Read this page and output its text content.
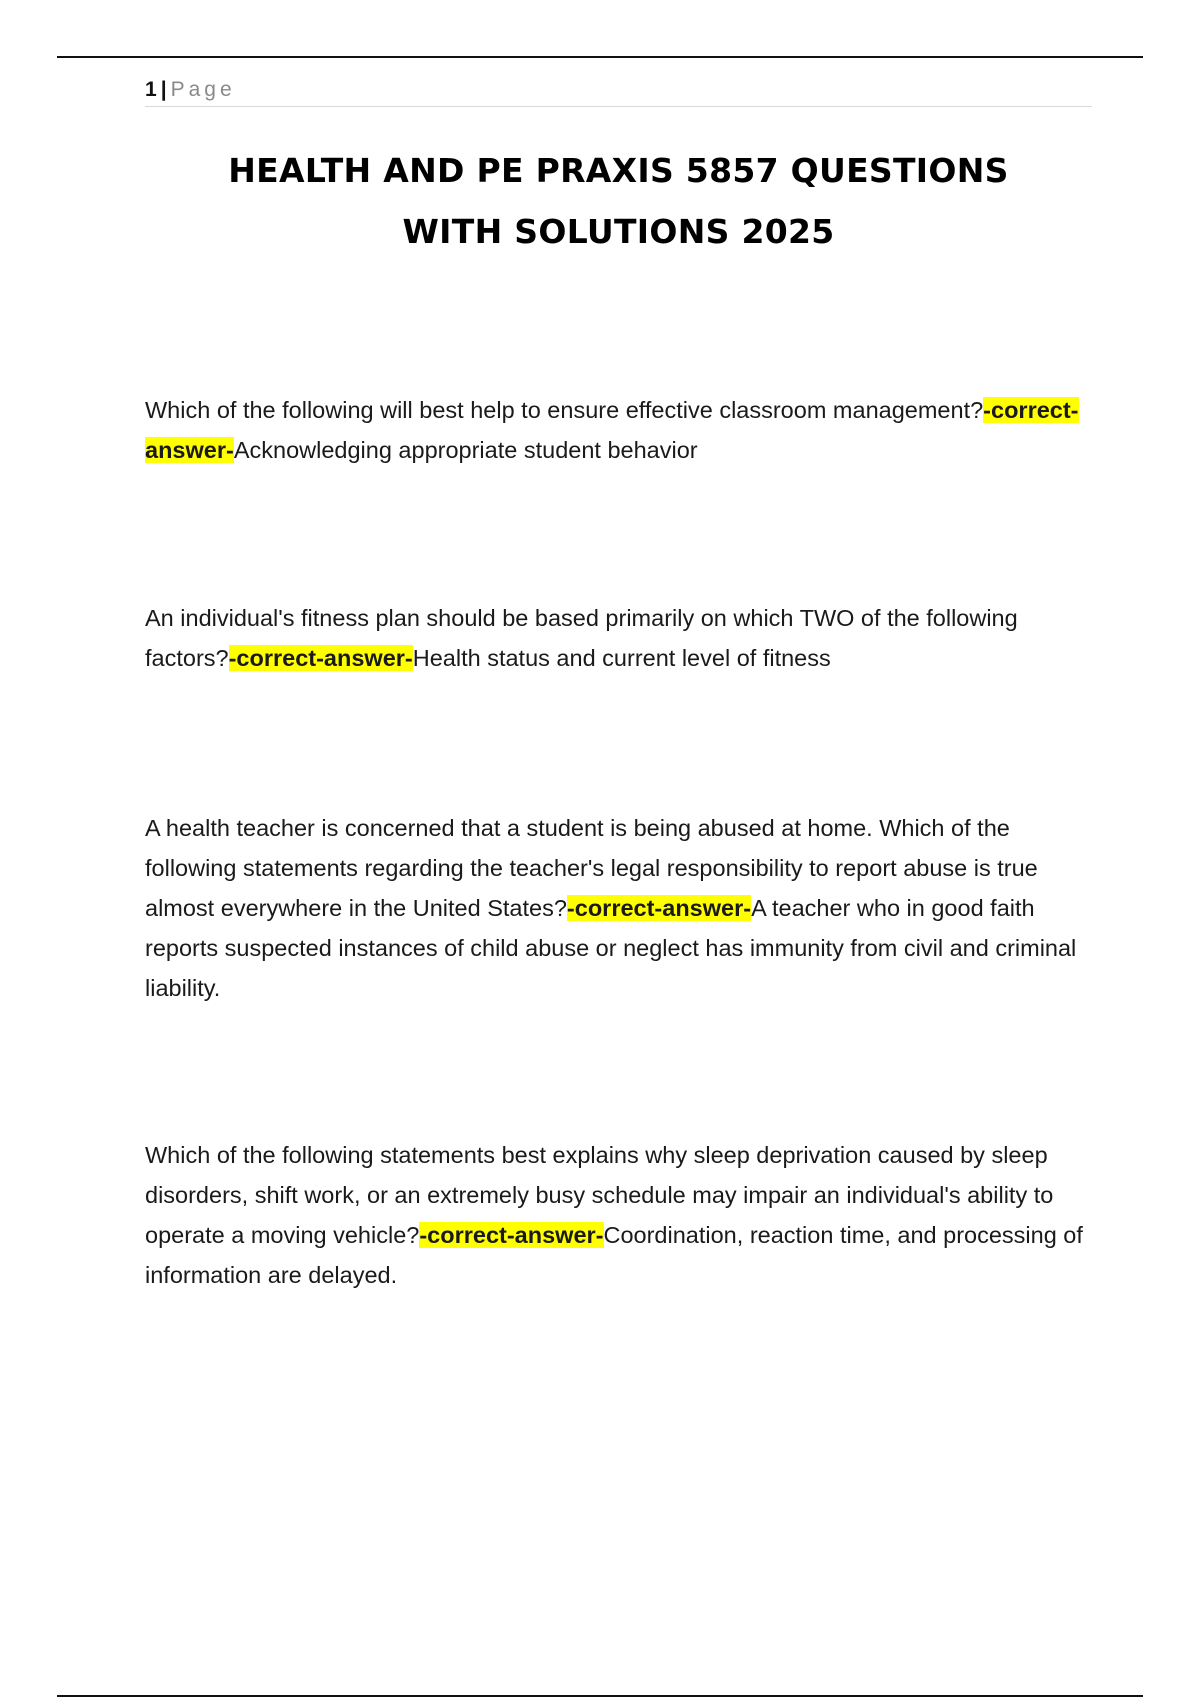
1 | Page
HEALTH AND PE PRAXIS 5857 QUESTIONS
WITH SOLUTIONS 2025

Which of the following will best help to ensure effective classroom management?-correct-answer-Acknowledging appropriate student behavior

An individual's fitness plan should be based primarily on which TWO of the following factors?-correct-answer-Health status and current level of fitness

A health teacher is concerned that a student is being abused at home. Which of the following statements regarding the teacher's legal responsibility to report abuse is true almost everywhere in the United States?-correct-answer-A teacher who in good faith reports suspected instances of child abuse or neglect has immunity from civil and criminal liability.

Which of the following statements best explains why sleep deprivation caused by sleep disorders, shift work, or an extremely busy schedule may impair an individual's ability to operate a moving vehicle?-correct-answer-Coordination, reaction time, and processing of information are delayed.
